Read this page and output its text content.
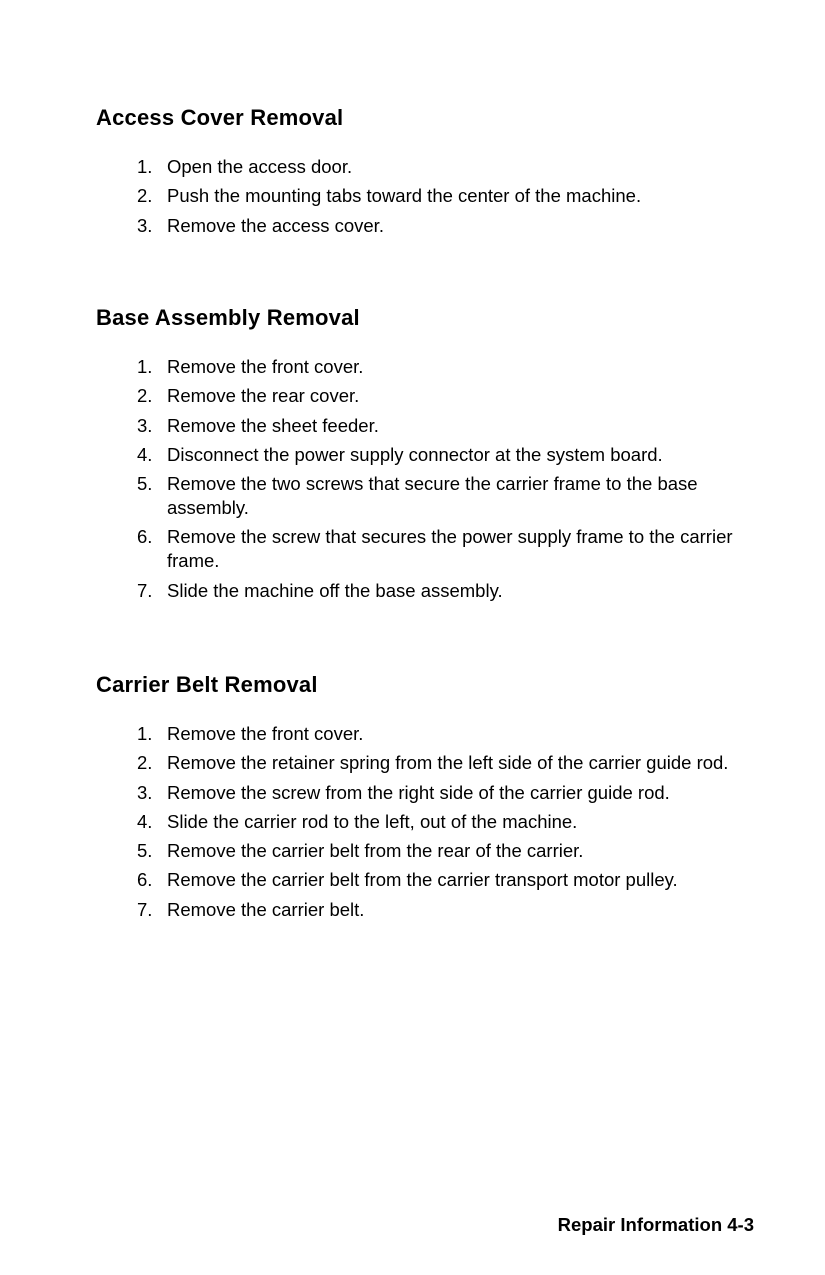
Access Cover Removal
1. Open the access door.
2. Push the mounting tabs toward the center of the machine.
3. Remove the access cover.
Base Assembly Removal
1. Remove the front cover.
2. Remove the rear cover.
3. Remove the sheet feeder.
4. Disconnect the power supply connector at the system board.
5. Remove the two screws that secure the carrier frame to the base assembly.
6. Remove the screw that secures the power supply frame to the carrier frame.
7. Slide the machine off the base assembly.
Carrier Belt Removal
1. Remove the front cover.
2. Remove the retainer spring from the left side of the carrier guide rod.
3. Remove the screw from the right side of the carrier guide rod.
4. Slide the carrier rod to the left, out of the machine.
5. Remove the carrier belt from the rear of the carrier.
6. Remove the carrier belt from the carrier transport motor pulley.
7. Remove the carrier belt.
Repair Information 4-3
